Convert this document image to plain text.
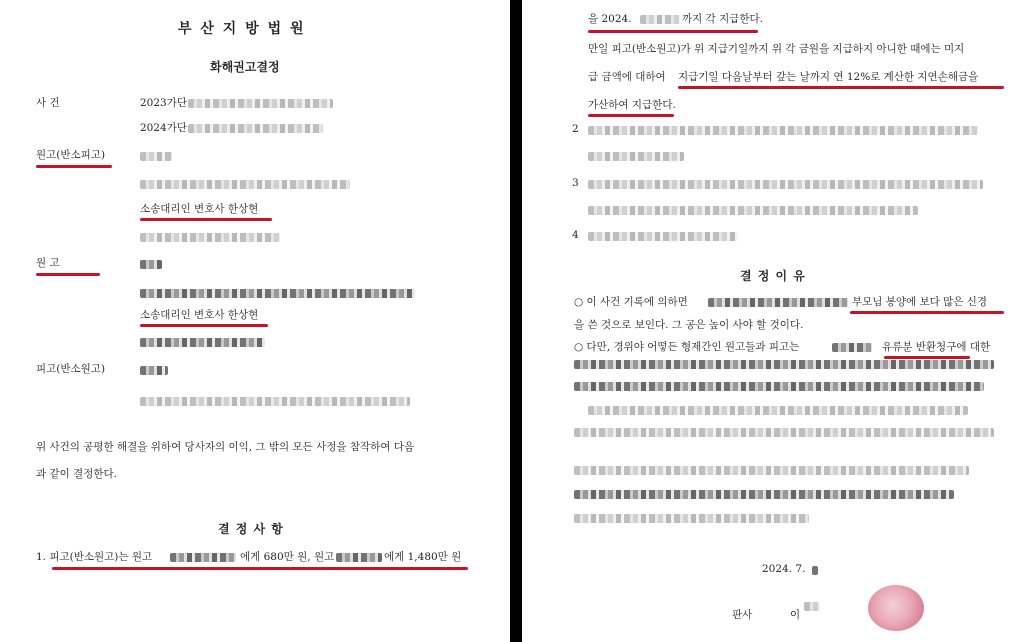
부 산 지 방 법 원
화해권고결정
사 건	2023가단
2024가단
원고(반소피고)
소송대리인 변호사 한상현
원 고
소송대리인 변호사 한상현
피고(반소원고)
위 사건의 공평한 해결을 위하여 당사자의 이익, 그 밖의 모든 사정을 참작하여 다음
과 같이 결정한다.
결 정 사 항
1. 피고(반소원고)는 원고	에게 680만 원, 원고	에게 1,480만 원
을 2024.	까지 각 지급한다.
만일 피고(반소원고)가 위 지급기일까지 위 각 금원을 지급하지 아니한 때에는 미지
급 금액에 대하여 지급기일 다음날부터 갚는 날까지 연 12%로 계산한 지연손해금을
가산하여 지급한다.
2
3
4
결 정 이 유
○ 이 사건 기록에 의하면	부모님 봉양에 보다 많은 신경
을 쓴 것으로 보인다. 그 공은 높이 사야 할 것이다.
○ 다만, 경위야 어떻든 형제간인 원고들과 피고는	유류분 반환청구에 대한
2024. 7.
판사	이
